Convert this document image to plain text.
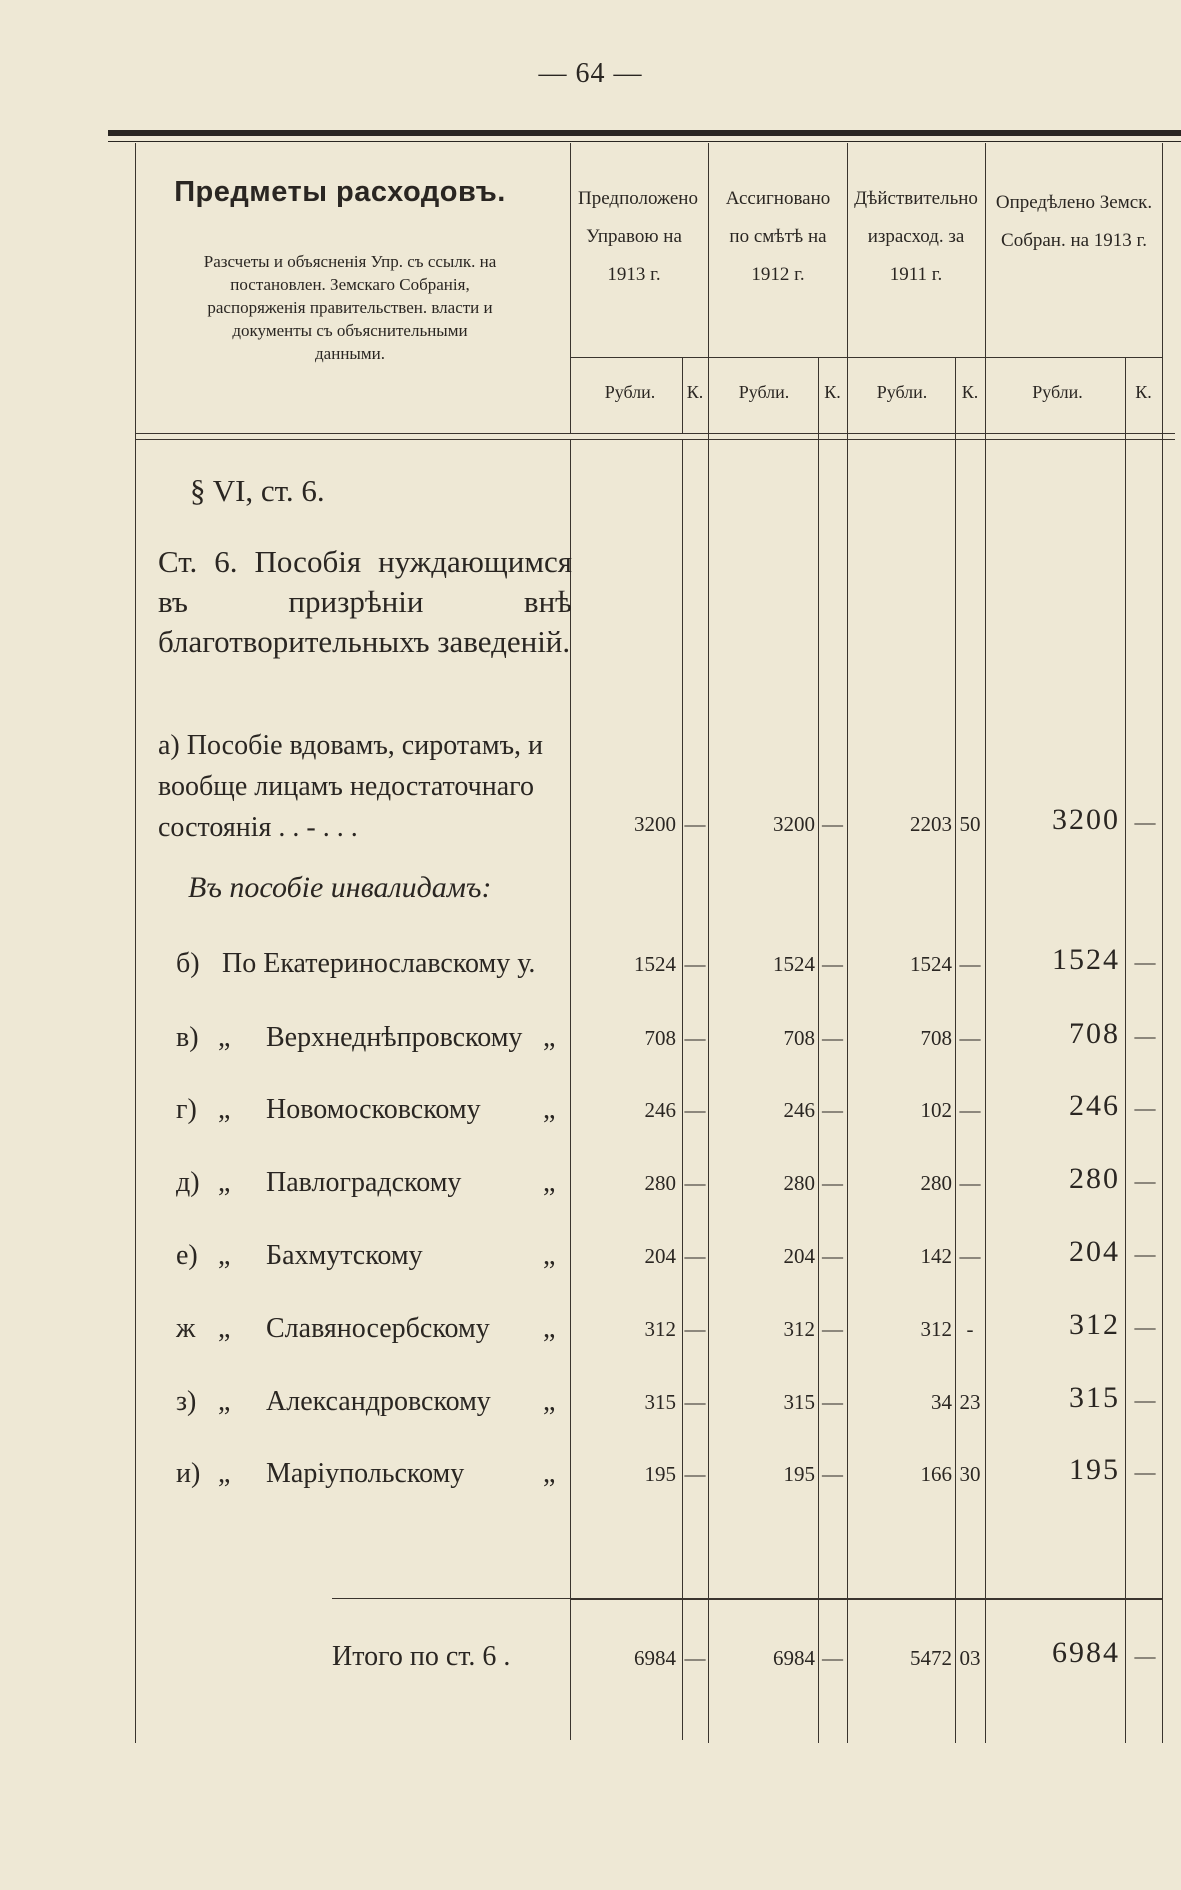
— 64 —
Предметы расходовъ.
Разсчеты и объясненія Упр. съ ссылк. на постановлен. Земскаго Собранія, распоряженія правительствен. власти и документы съ объяснительными данными.
Предположено Управою на 1913 г.
Ассигновано по смѣтѣ на 1912 г.
Дѣйствительно израсход. за 1911 г.
Опредѣлено Земск. Собран. на 1913 г.
Рубли.	К.	Рубли.	К.	Рубли.	К.	Рубли.	К.
§ VI, ст. 6.
Ст. 6. Пособія нуждающимся въ призрѣніи внѣ благотворительныхъ заведеній.
а) Пособіе вдовамъ, сиротамъ, и вообще лицамъ недостаточнаго состоянія . . - . . .	3200 —	3200 —	2203 50	3200 —
Въ пособіе инвалидамъ:
б) По Екатеринославскому у.	1524 —	1524 —	1524 —	1524 —
в) „ Верхнеднѣпровскому „	708 —	708 —	708 —	708 —
г) „ Новомосковскому „	246 —	246 —	102 —	246 —
д) „ Павлоградскому	„	280 —	280 —	280 —	280 —
е) „ Бахмутскому	„	204 —	204 —	142 —	204 —
ж „ Славяносербскому „	312 —	312 —	312 -	312 —
з) „ Александровскому „	315 —	315 —	34 23	315 —
и) „ Маріупольскому	„	195 —	195 —	166 30	195 —
Итого по ст. 6 .	6984 —	6984 —	5472 03	6984 —
